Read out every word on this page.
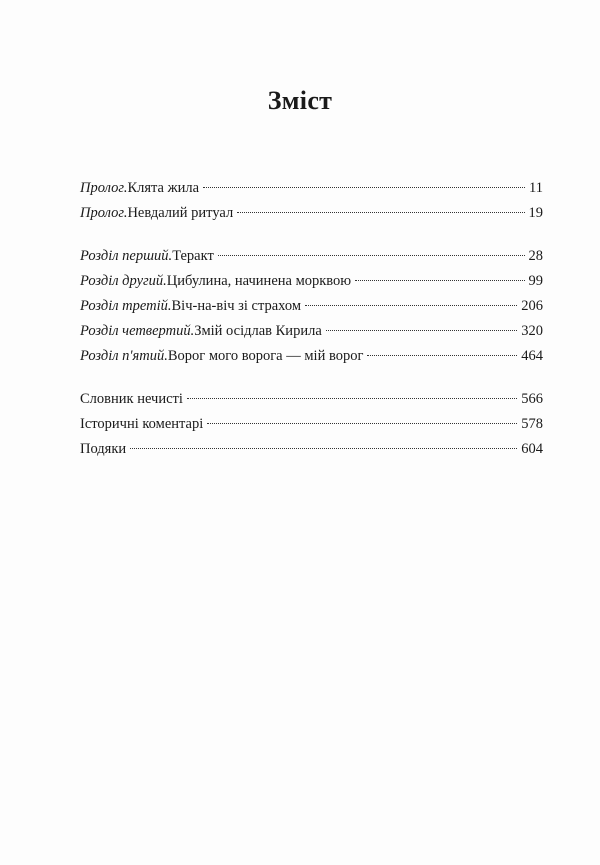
Зміст
Пролог. Клята жила	11
Пролог. Невдалий ритуал	19
Розділ перший. Теракт	28
Розділ другий. Цибулина, начинена морквою	99
Розділ третій. Віч-на-віч зі страхом	206
Розділ четвертий. Змій осідлав Кирила	320
Розділ п'ятий. Ворог мого ворога — мій ворог	464
Словник нечисті	566
Історичні коментарі	578
Подяки	604
